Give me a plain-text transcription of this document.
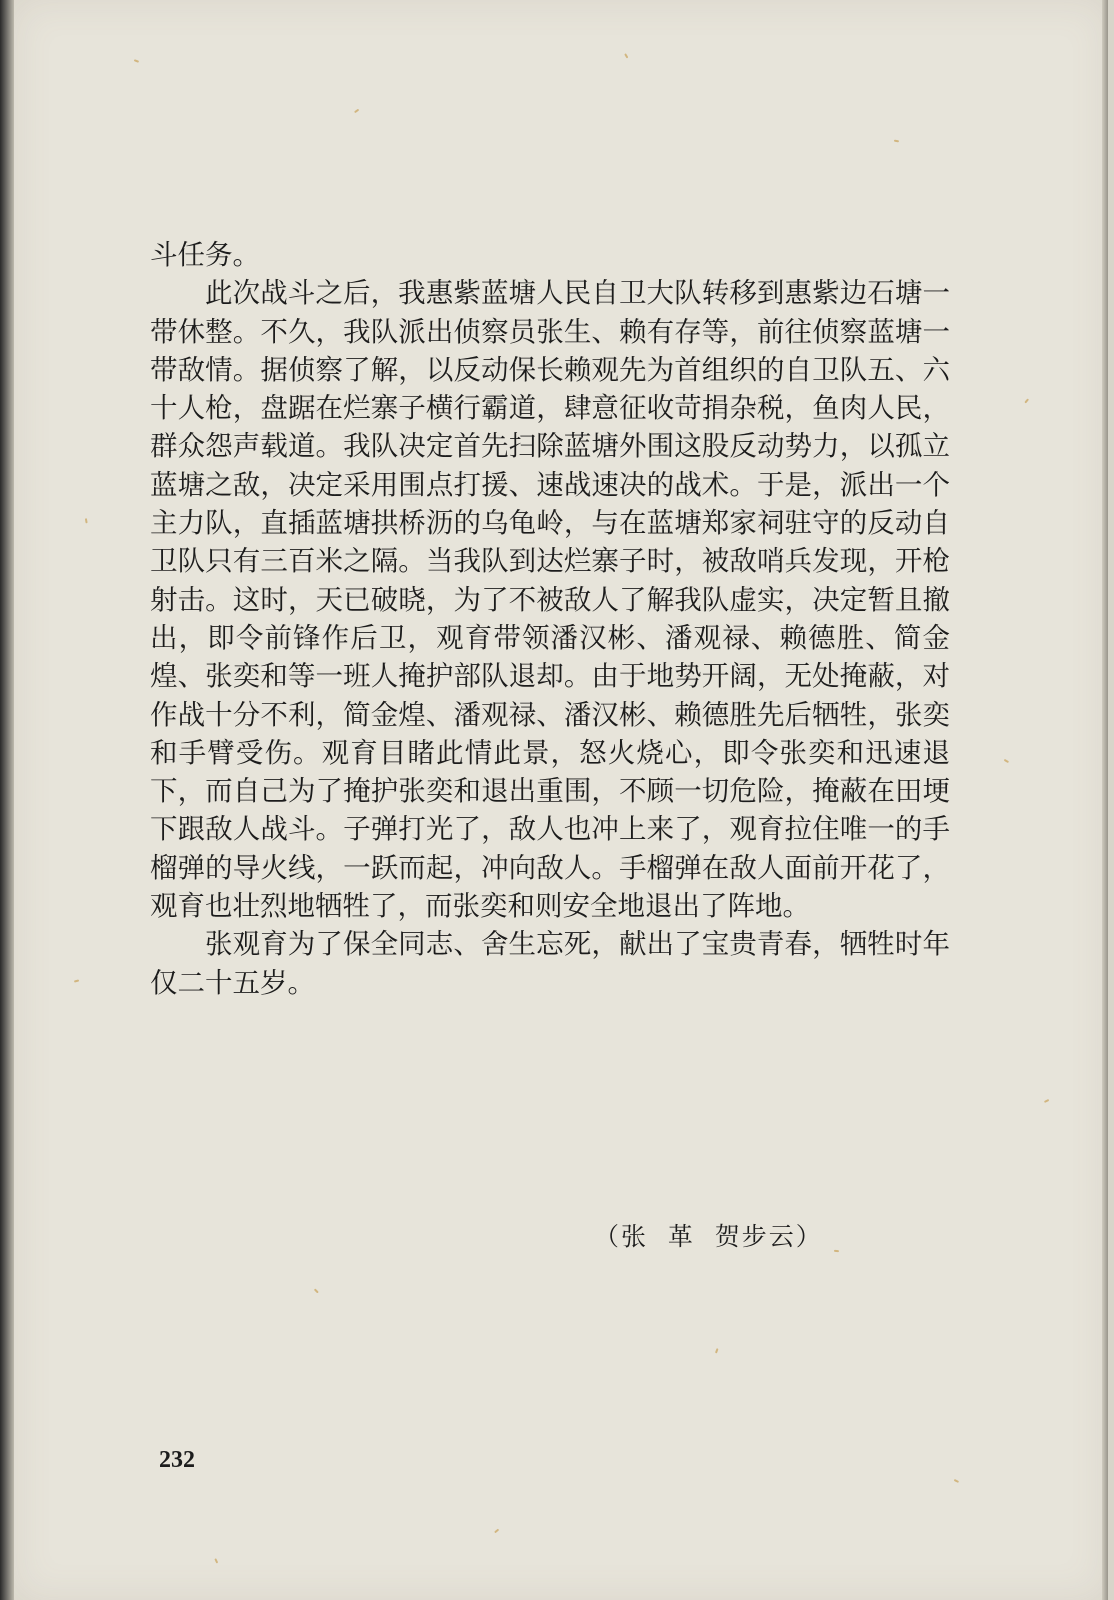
斗任务。

此次战斗之后，我惠紫蓝塘人民自卫大队转移到惠紫边石塘一带休整。不久，我队派出侦察员张生、赖有存等，前往侦察蓝塘一带敌情。据侦察了解，以反动保长赖观先为首组织的自卫队五、六十人枪，盘踞在烂寨子横行霸道，肆意征收苛捐杂税，鱼肉人民，群众怨声载道。我队决定首先扫除蓝塘外围这股反动势力，以孤立蓝塘之敌，决定采用围点打援、速战速决的战术。于是，派出一个主力队，直插蓝塘拱桥沥的乌龟岭，与在蓝塘郑家祠驻守的反动自卫队只有三百米之隔。当我队到达烂寨子时，被敌哨兵发现，开枪射击。这时，天已破晓，为了不被敌人了解我队虚实，决定暂且撤出，即令前锋作后卫，观育带领潘汉彬、潘观禄、赖德胜、简金煌、张奕和等一班人掩护部队退却。由于地势开阔，无处掩蔽，对作战十分不利，简金煌、潘观禄、潘汉彬、赖德胜先后牺牲，张奕和手臂受伤。观育目睹此情此景，怒火烧心，即令张奕和迅速退下，而自己为了掩护张奕和退出重围，不顾一切危险，掩蔽在田埂下跟敌人战斗。子弹打光了，敌人也冲上来了，观育拉住唯一的手榴弹的导火线，一跃而起，冲向敌人。手榴弹在敌人面前开花了，观育也壮烈地牺牲了，而张奕和则安全地退出了阵地。

张观育为了保全同志、舍生忘死，献出了宝贵青春，牺牲时年仅二十五岁。

（张  革  贺步云）
232
